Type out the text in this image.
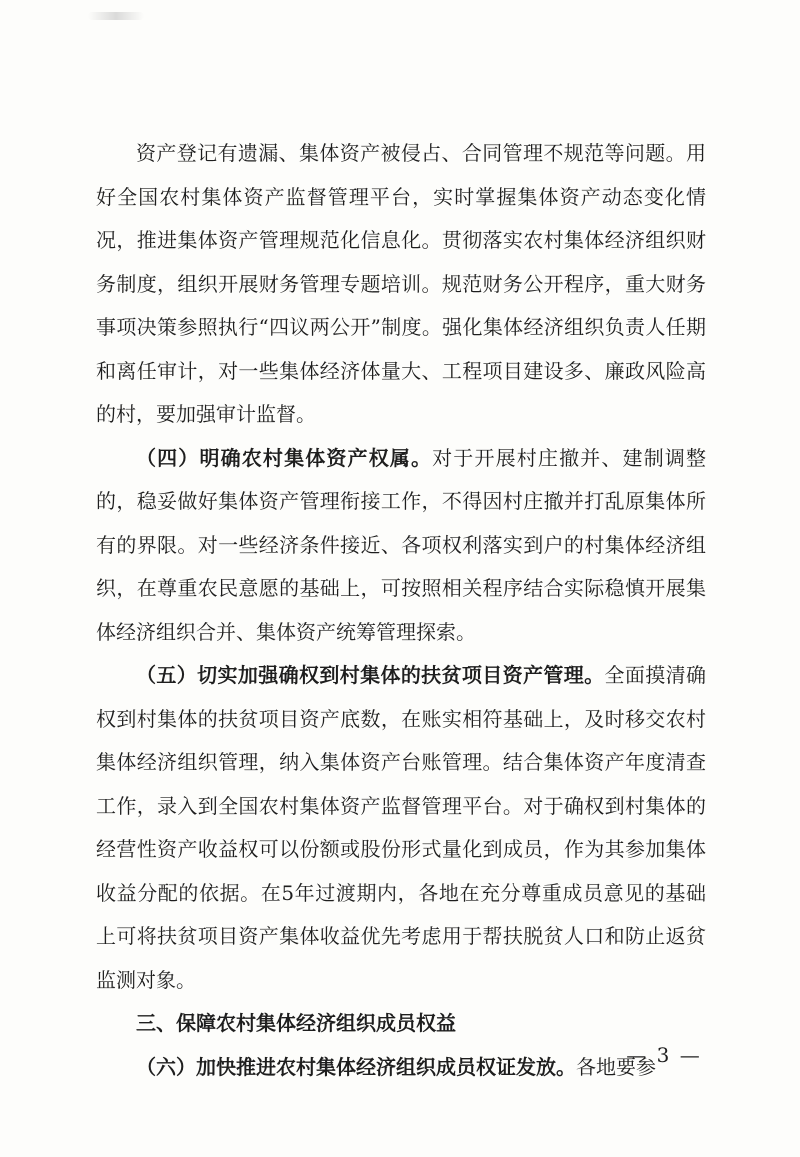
资产登记有遗漏、集体资产被侵占、合同管理不规范等问题。用好全国农村集体资产监督管理平台，实时掌握集体资产动态变化情况，推进集体资产管理规范化信息化。贯彻落实农村集体经济组织财务制度，组织开展财务管理专题培训。规范财务公开程序，重大财务事项决策参照执行“四议两公开”制度。强化集体经济组织负责人任期和离任审计，对一些集体经济体量大、工程项目建设多、廉政风险高的村，要加强审计监督。

（四）明确农村集体资产权属。对于开展村庄撤并、建制调整的，稳妥做好集体资产管理衔接工作，不得因村庄撤并打乱原集体所有的界限。对一些经济条件接近、各项权利落实到户的村集体经济组织，在尊重农民意愿的基础上，可按照相关程序结合实际稳慎开展集体经济组织合并、集体资产统筹管理探索。

（五）切实加强确权到村集体的扶贫项目资产管理。全面摸清确权到村集体的扶贫项目资产底数，在账实相符基础上，及时移交农村集体经济组织管理，纳入集体资产台账管理。结合集体资产年度清查工作，录入到全国农村集体资产监督管理平台。对于确权到村集体的经营性资产收益权可以份额或股份形式量化到成员，作为其参加集体收益分配的依据。在5年过渡期内，各地在充分尊重成员意见的基础上可将扶贫项目资产集体收益优先考虑用于帮扶脱贫人口和防止返贫监测对象。

三、保障农村集体经济组织成员权益

（六）加快推进农村集体经济组织成员权证发放。各地要参

— 3 —
